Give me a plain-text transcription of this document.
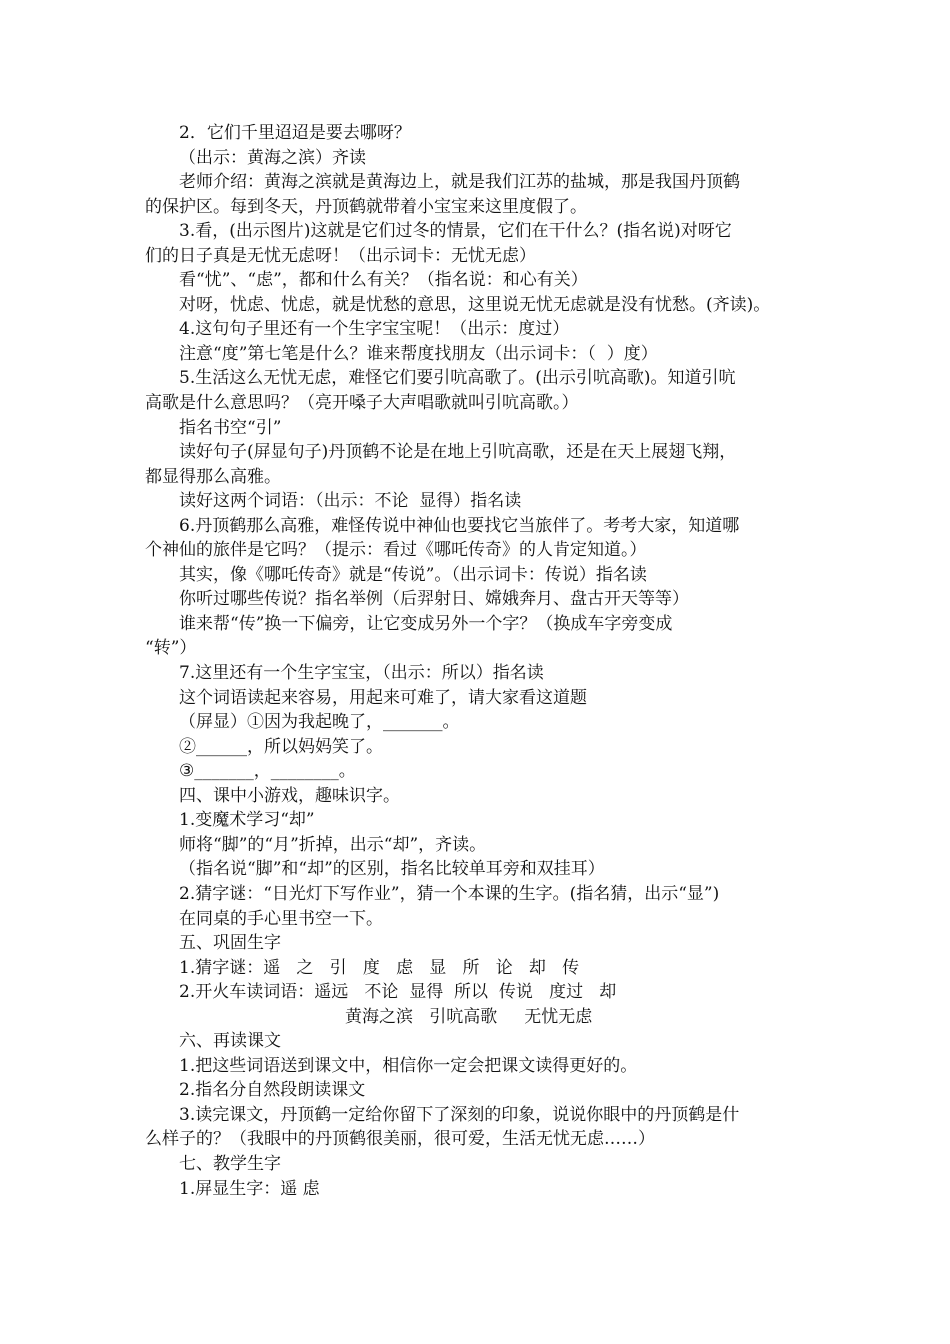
2．它们千里迢迢是要去哪呀？
（出示：黄海之滨）齐读
老师介绍：黄海之滨就是黄海边上，就是我们江苏的盐城，那是我国丹顶鹤
的保护区。每到冬天，丹顶鹤就带着小宝宝来这里度假了。
3.看，(出示图片)这就是它们过冬的情景，它们在干什么？(指名说)对呀它
们的日子真是无忧无虑呀！（出示词卡：无忧无虑）
看“忧”、“虑”，都和什么有关？（指名说：和心有关）
对呀，忧虑、忧虑，就是忧愁的意思，这里说无忧无虑就是没有忧愁。(齐读)。
4.这句句子里还有一个生字宝宝呢！（出示：度过）
注意“度”第七笔是什么？谁来帮度找朋友（出示词卡：（  ）度）
5.生活这么无忧无虑，难怪它们要引吭高歌了。(出示引吭高歌)。知道引吭
高歌是什么意思吗？（亮开嗓子大声唱歌就叫引吭高歌。）
指名书空“引”
读好句子(屏显句子)丹顶鹤不论是在地上引吭高歌，还是在天上展翅飞翔，
都显得那么高雅。
读好这两个词语：（出示：不论  显得）指名读
6.丹顶鹤那么高雅，难怪传说中神仙也要找它当旅伴了。考考大家，知道哪
个神仙的旅伴是它吗？（提示：看过《哪吒传奇》的人肯定知道。）
其实，像《哪吒传奇》就是“传说”。（出示词卡：传说）指名读
你听过哪些传说？指名举例（后羿射日、嫦娥奔月、盘古开天等等）
谁来帮“传”换一下偏旁，让它变成另外一个字？（换成车字旁变成
“转”）
7.这里还有一个生字宝宝，（出示：所以）指名读
这个词语读起来容易，用起来可难了，请大家看这道题
（屏显）①因为我起晚了，_______。
②______，所以妈妈笑了。
③_______，________。
四、课中小游戏，趣味识字。
1.变魔术学习“却”
师将“脚”的“月”折掉，出示“却”，齐读。
（指名说“脚”和“却”的区别，指名比较单耳旁和双挂耳）
2.猜字谜：“日光灯下写作业”，猜一个本课的生字。(指名猜，出示“显”)
在同桌的手心里书空一下。
五、巩固生字
1.猜字谜：遥   之   引   度   虑   显   所   论   却   传
2.开火车读词语：遥远   不论  显得  所以  传说   度过   却
黄海之滨   引吭高歌     无忧无虑
六、再读课文
1.把这些词语送到课文中，相信你一定会把课文读得更好的。
2.指名分自然段朗读课文
3.读完课文，丹顶鹤一定给你留下了深刻的印象，说说你眼中的丹顶鹤是什
么样子的？（我眼中的丹顶鹤很美丽，很可爱，生活无忧无虑……）
七、教学生字
1.屏显生字：遥 虑
